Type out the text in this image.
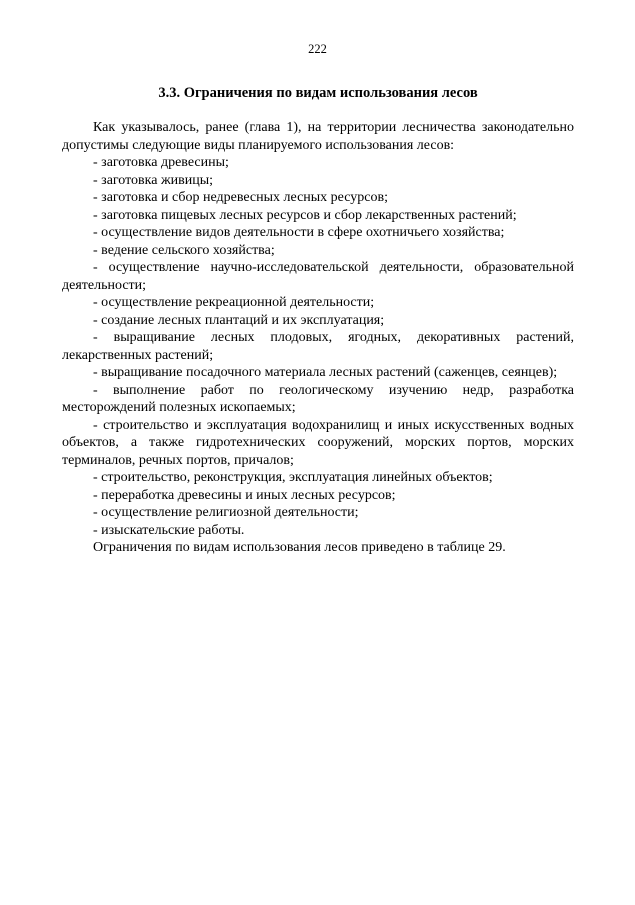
222
3.3. Ограничения по видам использования лесов

Как указывалось, ранее (глава 1), на территории лесничества законодательно допустимы следующие виды планируемого использования лесов:

- заготовка древесины;

- заготовка живицы;

- заготовка и сбор недревесных лесных ресурсов;

- заготовка пищевых лесных ресурсов и сбор лекарственных растений;

- осуществление видов деятельности в сфере охотничьего хозяйства;

- ведение сельского хозяйства;

- осуществление научно-исследовательской деятельности, образовательной деятельности;

- осуществление рекреационной деятельности;

- создание лесных плантаций и их эксплуатация;

- выращивание лесных плодовых, ягодных, декоративных растений, лекарственных растений;

- выращивание посадочного материала лесных растений (саженцев, сеянцев);

- выполнение работ по геологическому изучению недр, разработка месторождений полезных ископаемых;

- строительство и эксплуатация водохранилищ и иных искусственных водных объектов, а также гидротехнических сооружений, морских портов, морских терминалов, речных портов, причалов;

- строительство, реконструкция, эксплуатация линейных объектов;

- переработка древесины и иных лесных ресурсов;

- осуществление религиозной деятельности;

- изыскательские работы.

Ограничения по видам использования лесов приведено в таблице 29.
